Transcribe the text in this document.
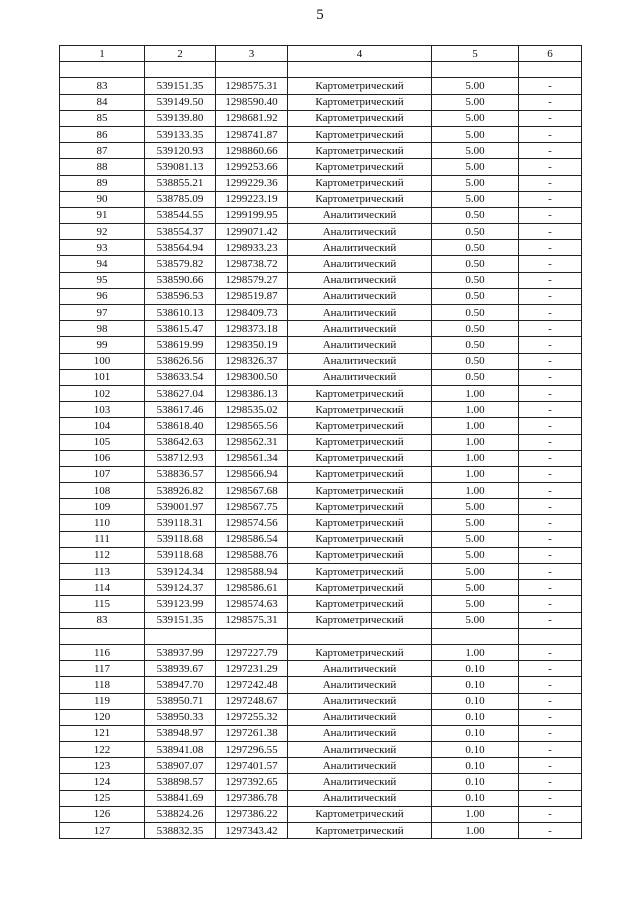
5
1	2	3	4	5	6

83	539151.35	1298575.31	Картометрический	5.00	-
84	539149.50	1298590.40	Картометрический	5.00	-
85	539139.80	1298681.92	Картометрический	5.00	-
86	539133.35	1298741.87	Картометрический	5.00	-
87	539120.93	1298860.66	Картометрический	5.00	-
88	539081.13	1299253.66	Картометрический	5.00	-
89	538855.21	1299229.36	Картометрический	5.00	-
90	538785.09	1299223.19	Картометрический	5.00	-
91	538544.55	1299199.95	Аналитический	0.50	-
92	538554.37	1299071.42	Аналитический	0.50	-
93	538564.94	1298933.23	Аналитический	0.50	-
94	538579.82	1298738.72	Аналитический	0.50	-
95	538590.66	1298579.27	Аналитический	0.50	-
96	538596.53	1298519.87	Аналитический	0.50	-
97	538610.13	1298409.73	Аналитический	0.50	-
98	538615.47	1298373.18	Аналитический	0.50	-
99	538619.99	1298350.19	Аналитический	0.50	-
100	538626.56	1298326.37	Аналитический	0.50	-
101	538633.54	1298300.50	Аналитический	0.50	-
102	538627.04	1298386.13	Картометрический	1.00	-
103	538617.46	1298535.02	Картометрический	1.00	-
104	538618.40	1298565.56	Картометрический	1.00	-
105	538642.63	1298562.31	Картометрический	1.00	-
106	538712.93	1298561.34	Картометрический	1.00	-
107	538836.57	1298566.94	Картометрический	1.00	-
108	538926.82	1298567.68	Картометрический	1.00	-
109	539001.97	1298567.75	Картометрический	5.00	-
110	539118.31	1298574.56	Картометрический	5.00	-
111	539118.68	1298586.54	Картометрический	5.00	-
112	539118.68	1298588.76	Картометрический	5.00	-
113	539124.34	1298588.94	Картометрический	5.00	-
114	539124.37	1298586.61	Картометрический	5.00	-
115	539123.99	1298574.63	Картометрический	5.00	-
83	539151.35	1298575.31	Картометрический	5.00	-

116	538937.99	1297227.79	Картометрический	1.00	-
117	538939.67	1297231.29	Аналитический	0.10	-
118	538947.70	1297242.48	Аналитический	0.10	-
119	538950.71	1297248.67	Аналитический	0.10	-
120	538950.33	1297255.32	Аналитический	0.10	-
121	538948.97	1297261.38	Аналитический	0.10	-
122	538941.08	1297296.55	Аналитический	0.10	-
123	538907.07	1297401.57	Аналитический	0.10	-
124	538898.57	1297392.65	Аналитический	0.10	-
125	538841.69	1297386.78	Аналитический	0.10	-
126	538824.26	1297386.22	Картометрический	1.00	-
127	538832.35	1297343.42	Картометрический	1.00	-
